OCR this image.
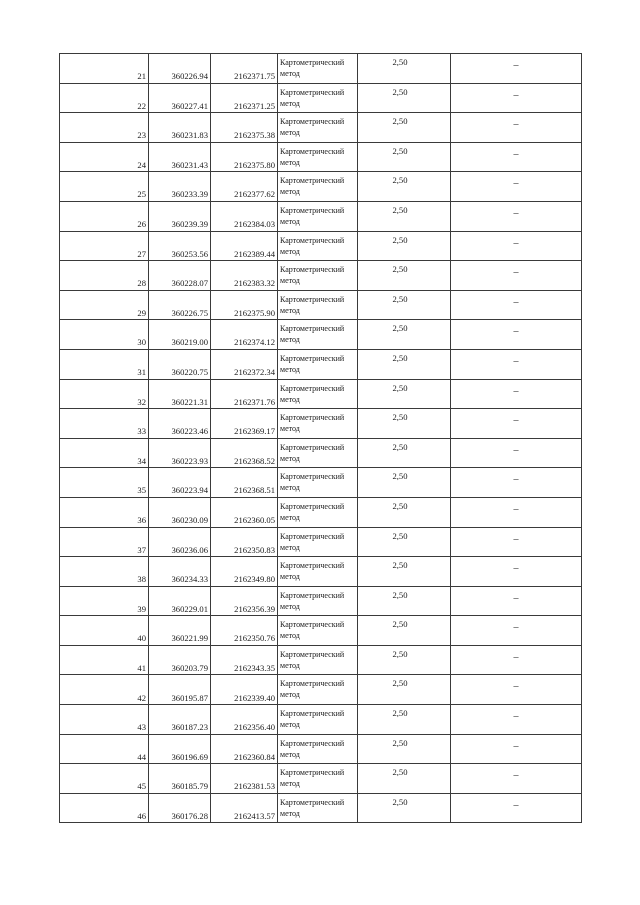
21	360226.94	2162371.75	Картометрический метод	2,50	–
22	360227.41	2162371.25	Картометрический метод	2,50	–
23	360231.83	2162375.38	Картометрический метод	2,50	–
24	360231.43	2162375.80	Картометрический метод	2,50	–
25	360233.39	2162377.62	Картометрический метод	2,50	–
26	360239.39	2162384.03	Картометрический метод	2,50	–
27	360253.56	2162389.44	Картометрический метод	2,50	–
28	360228.07	2162383.32	Картометрический метод	2,50	–
29	360226.75	2162375.90	Картометрический метод	2,50	–
30	360219.00	2162374.12	Картометрический метод	2,50	–
31	360220.75	2162372.34	Картометрический метод	2,50	–
32	360221.31	2162371.76	Картометрический метод	2,50	–
33	360223.46	2162369.17	Картометрический метод	2,50	–
34	360223.93	2162368.52	Картометрический метод	2,50	–
35	360223.94	2162368.51	Картометрический метод	2,50	–
36	360230.09	2162360.05	Картометрический метод	2,50	–
37	360236.06	2162350.83	Картометрический метод	2,50	–
38	360234.33	2162349.80	Картометрический метод	2,50	–
39	360229.01	2162356.39	Картометрический метод	2,50	–
40	360221.99	2162350.76	Картометрический метод	2,50	–
41	360203.79	2162343.35	Картометрический метод	2,50	–
42	360195.87	2162339.40	Картометрический метод	2,50	–
43	360187.23	2162356.40	Картометрический метод	2,50	–
44	360196.69	2162360.84	Картометрический метод	2,50	–
45	360185.79	2162381.53	Картометрический метод	2,50	–
46	360176.28	2162413.57	Картометрический метод	2,50	–
